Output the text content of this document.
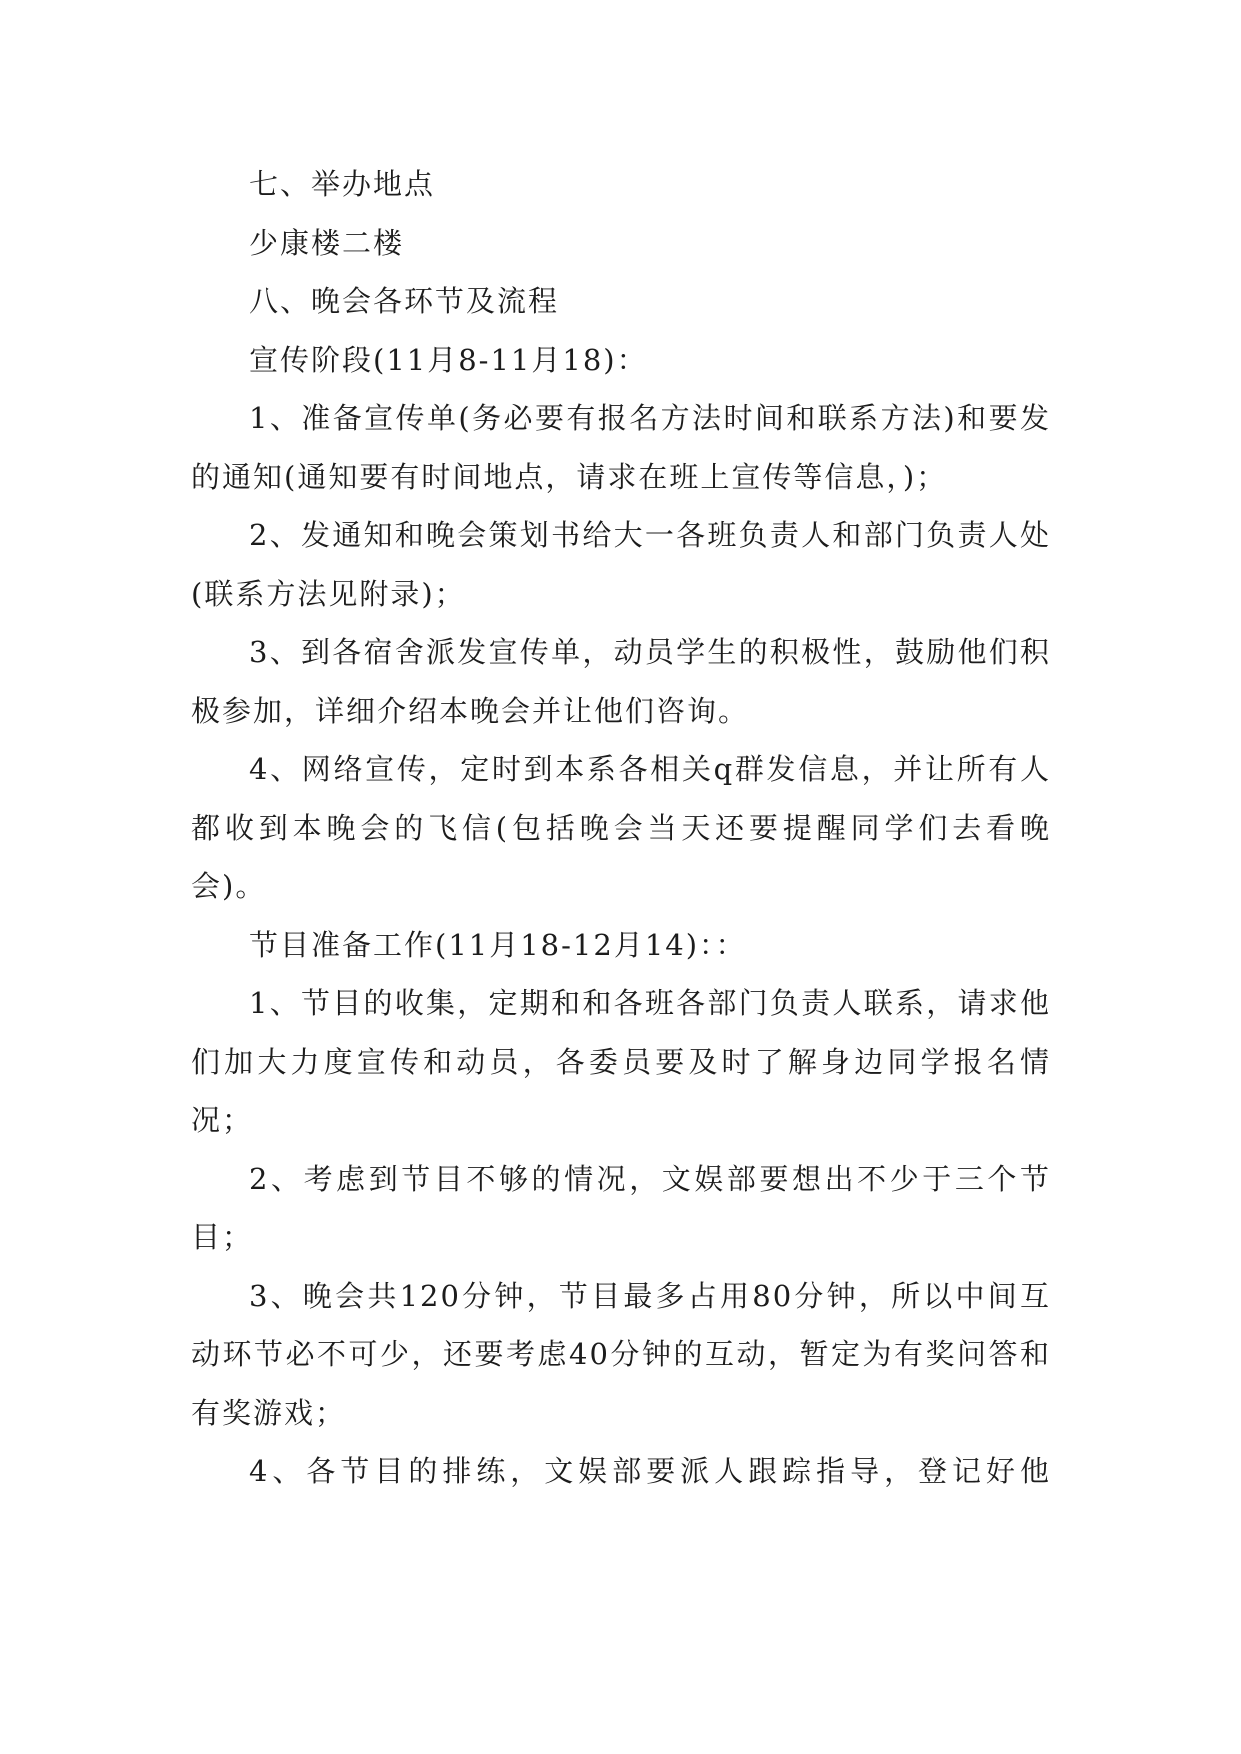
七、举办地点

少康楼二楼

八、晚会各环节及流程

宣传阶段(11月8-11月18)：

1、准备宣传单(务必要有报名方法时间和联系方法)和要发的通知(通知要有时间地点，请求在班上宣传等信息，)；

2、发通知和晚会策划书给大一各班负责人和部门负责人处(联系方法见附录)；

3、到各宿舍派发宣传单，动员学生的积极性，鼓励他们积极参加，详细介绍本晚会并让他们咨询。

4、网络宣传，定时到本系各相关q群发信息，并让所有人都收到本晚会的飞信(包括晚会当天还要提醒同学们去看晚会)。

节目准备工作(11月18-12月14)：：

1、节目的收集，定期和和各班各部门负责人联系，请求他们加大力度宣传和动员，各委员要及时了解身边同学报名情况；

2、考虑到节目不够的情况，文娱部要想出不少于三个节目；

3、晚会共120分钟，节目最多占用80分钟，所以中间互动环节必不可少，还要考虑40分钟的互动，暂定为有奖问答和有奖游戏；

4、各节目的排练，文娱部要派人跟踪指导，登记好他
